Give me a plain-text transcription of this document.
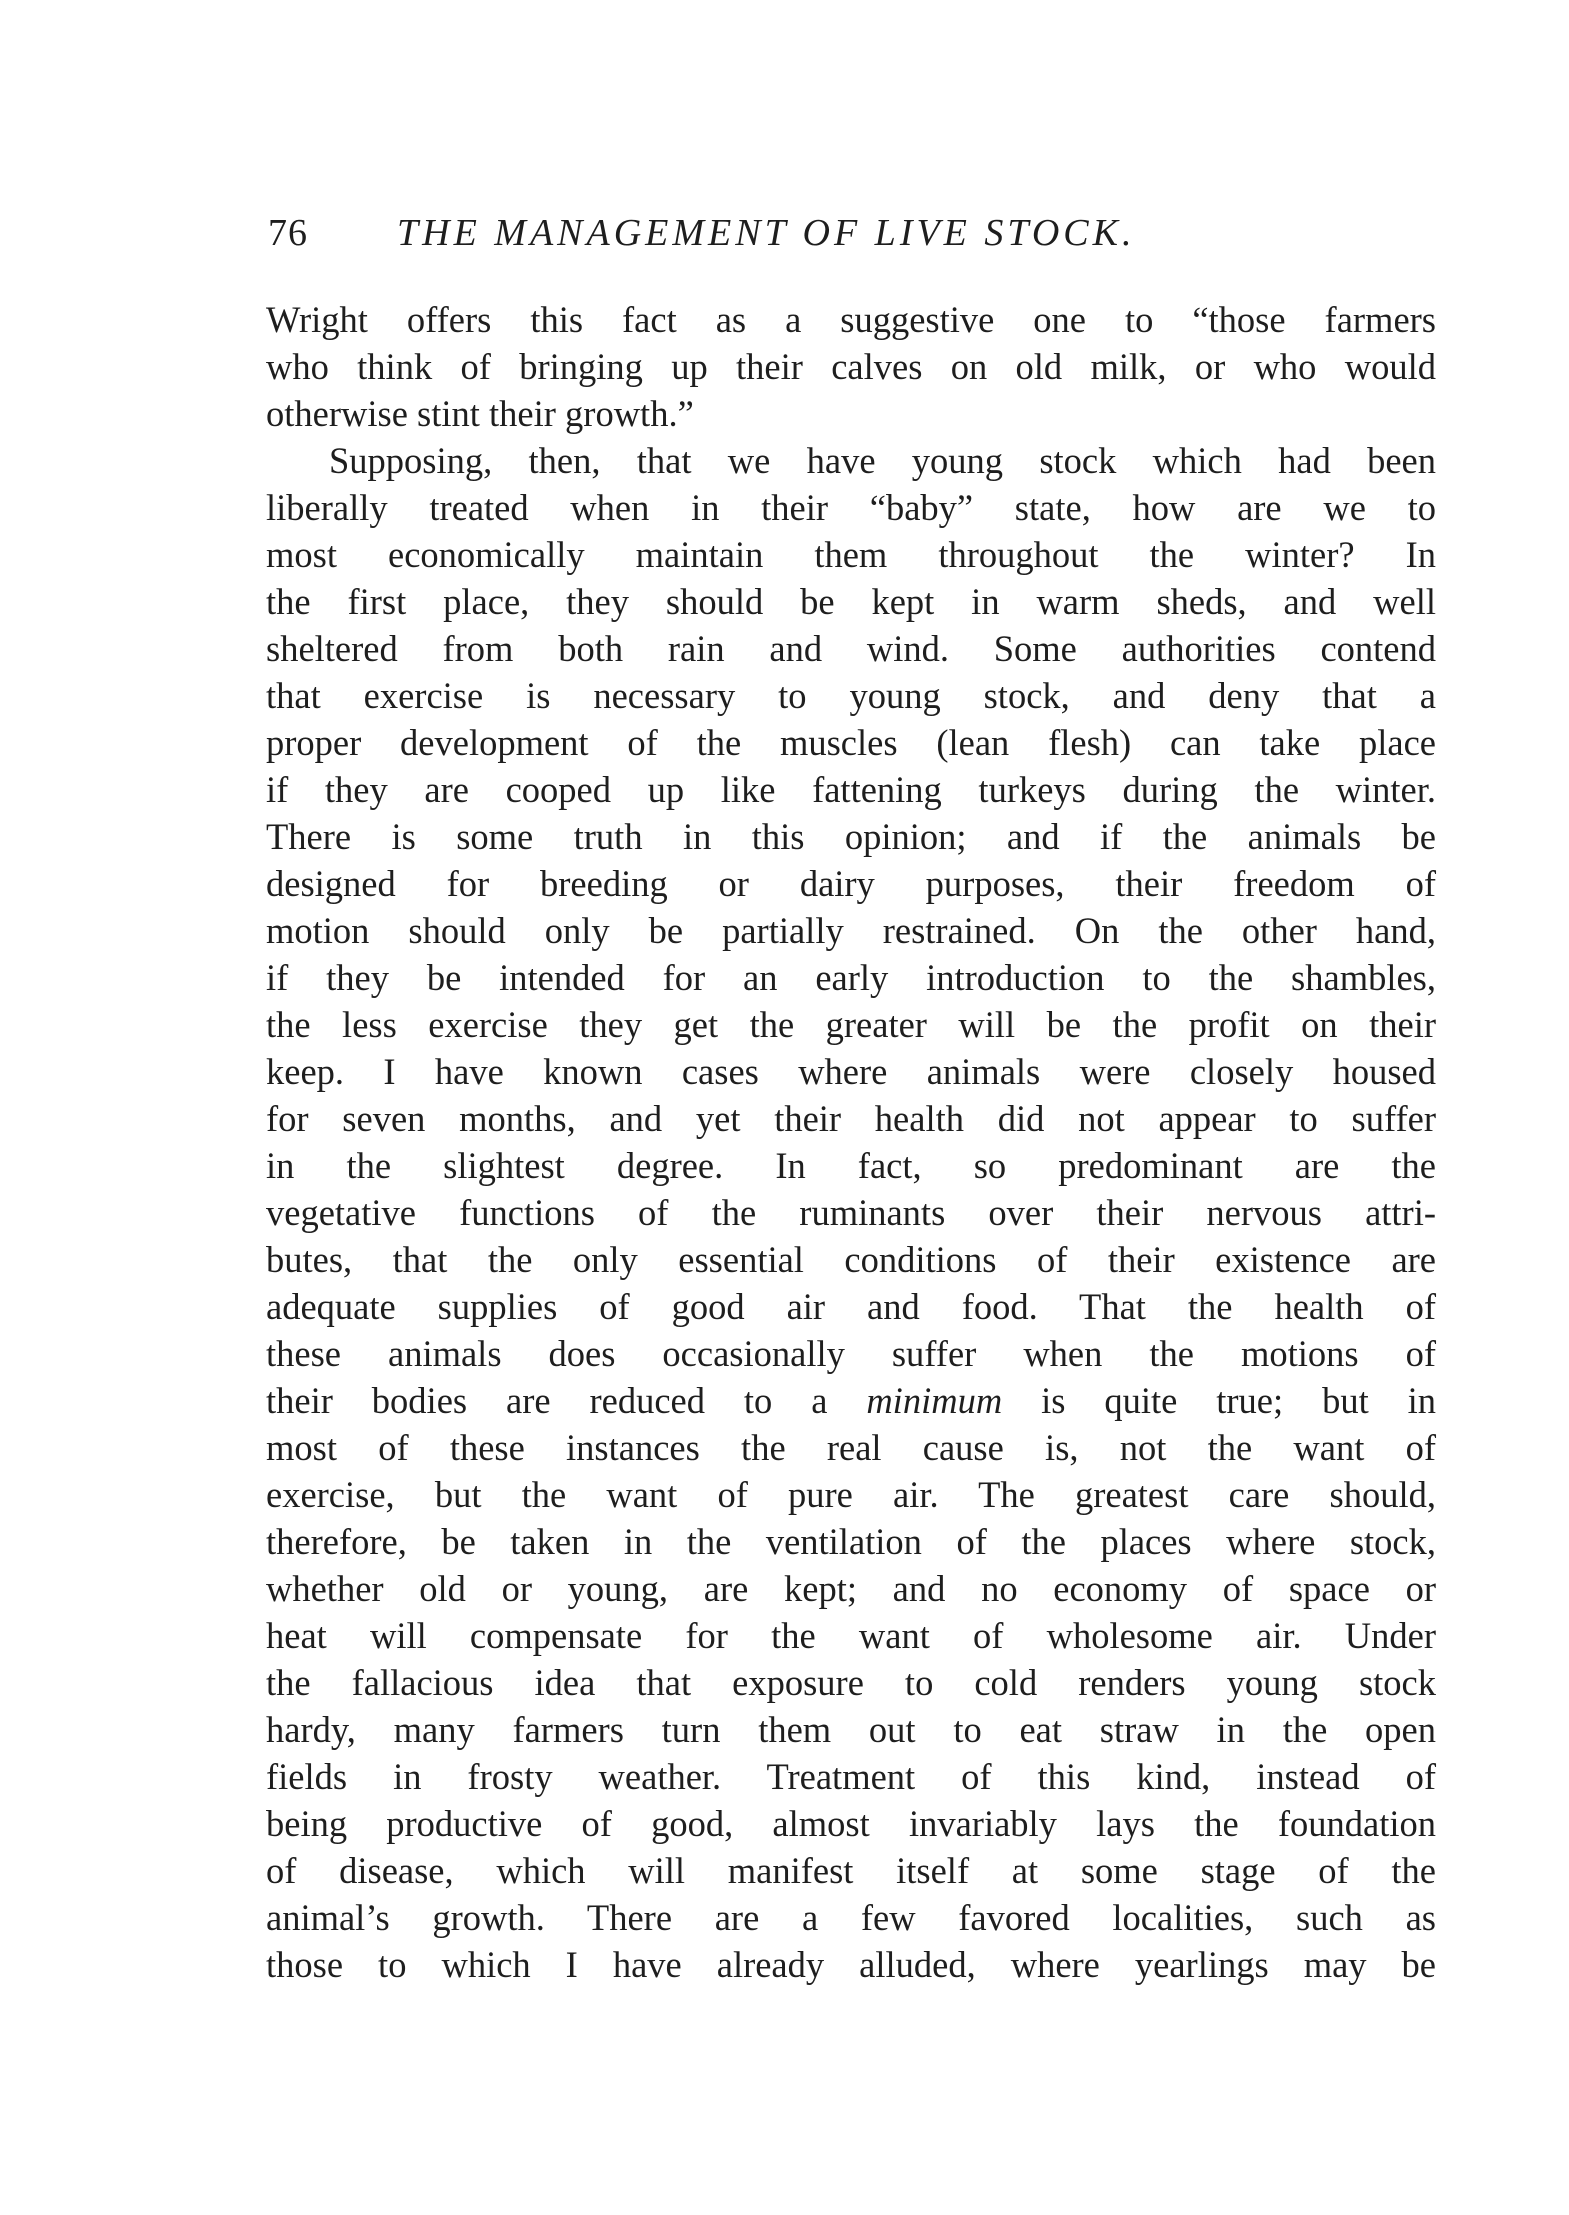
76 THE MANAGEMENT OF LIVE STOCK.
Wright offers this fact as a suggestive one to “those farmers
who think of bringing up their calves on old milk, or who would
otherwise stint their growth.”
Supposing, then, that we have young stock which had been
liberally treated when in their “baby” state, how are we to
most economically maintain them throughout the winter? In
the first place, they should be kept in warm sheds, and well
sheltered from both rain and wind. Some authorities contend
that exercise is necessary to young stock, and deny that a
proper development of the muscles (lean flesh) can take place
if they are cooped up like fattening turkeys during the winter.
There is some truth in this opinion; and if the animals be
designed for breeding or dairy purposes, their freedom of
motion should only be partially restrained. On the other hand,
if they be intended for an early introduction to the shambles,
the less exercise they get the greater will be the profit on their
keep. I have known cases where animals were closely housed
for seven months, and yet their health did not appear to suffer
in the slightest degree. In fact, so predominant are the
vegetative functions of the ruminants over their nervous attri-
butes, that the only essential conditions of their existence are
adequate supplies of good air and food. That the health of
these animals does occasionally suffer when the motions of
their bodies are reduced to a minimum is quite true; but in
most of these instances the real cause is, not the want of
exercise, but the want of pure air. The greatest care should,
therefore, be taken in the ventilation of the places where stock,
whether old or young, are kept; and no economy of space or
heat will compensate for the want of wholesome air. Under
the fallacious idea that exposure to cold renders young stock
hardy, many farmers turn them out to eat straw in the open
fields in frosty weather. Treatment of this kind, instead of
being productive of good, almost invariably lays the foundation
of disease, which will manifest itself at some stage of the
animal’s growth. There are a few favored localities, such as
those to which I have already alluded, where yearlings may be
